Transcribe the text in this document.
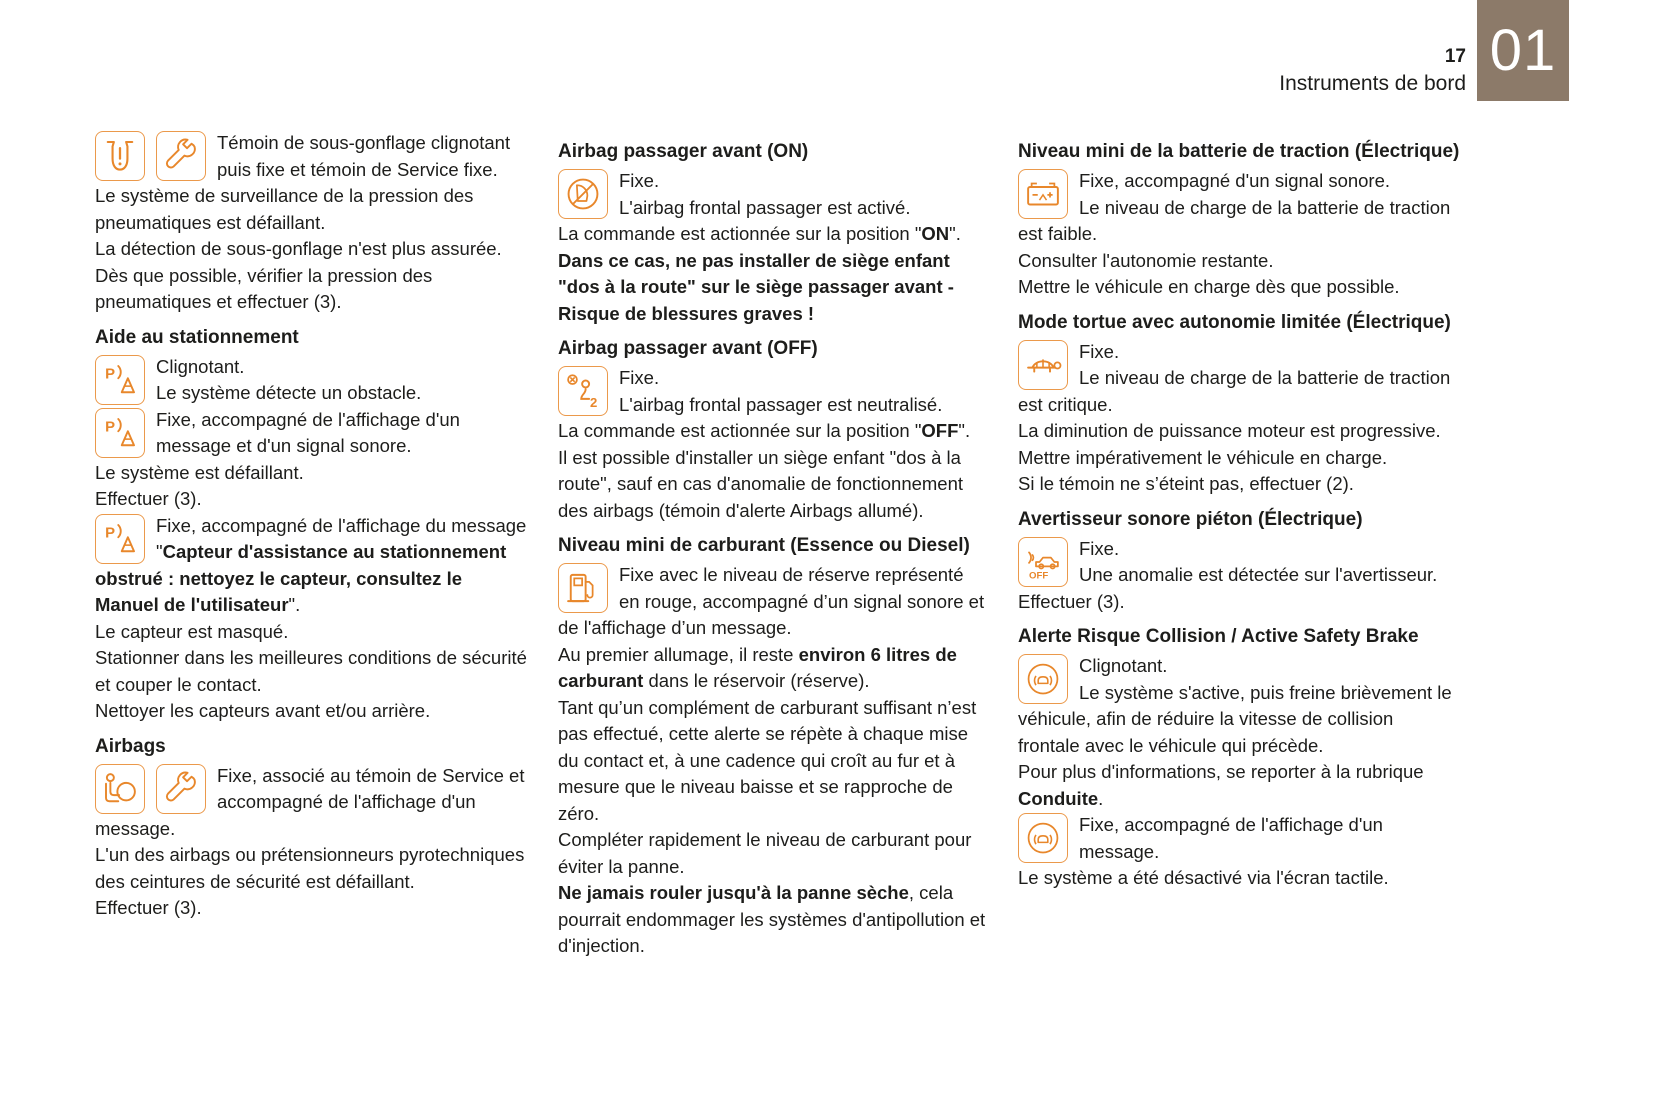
17
Instruments de bord
01

Témoin de sous-gonflage clignotant puis fixe et témoin de Service fixe.

Le système de surveillance de la pression des pneumatiques est défaillant.

La détection de sous-gonflage n'est plus assurée.

Dès que possible, vérifier la pression des pneumatiques et effectuer (3).

Aide au stationnement

Clignotant.

Le système détecte un obstacle.

Fixe, accompagné de l'affichage d'un message et d'un signal sonore.

Le système est défaillant.

Effectuer (3).

Fixe, accompagné de l'affichage du message "Capteur d'assistance au stationnement obstrué : nettoyez le capteur, consultez le Manuel de l'utilisateur".

Le capteur est masqué.

Stationner dans les meilleures conditions de sécurité et couper le contact.

Nettoyer les capteurs avant et/ou arrière.

Airbags

Fixe, associé au témoin de Service et accompagné de l'affichage d'un message.

L'un des airbags ou prétensionneurs pyrotechniques des ceintures de sécurité est défaillant.

Effectuer (3).

Airbag passager avant (ON)

Fixe.

L'airbag frontal passager est activé.

La commande est actionnée sur la position "ON".

Dans ce cas, ne pas installer de siège enfant "dos à la route" sur le siège passager avant - Risque de blessures graves !

Airbag passager avant (OFF)

Fixe.

L'airbag frontal passager est neutralisé.

La commande est actionnée sur la position "OFF".

Il est possible d'installer un siège enfant "dos à la route", sauf en cas d'anomalie de fonctionnement des airbags (témoin d'alerte Airbags allumé).

Niveau mini de carburant (Essence ou Diesel)

Fixe avec le niveau de réserve représenté en rouge, accompagné d’un signal sonore et de l'affichage d’un message.

Au premier allumage, il reste environ 6 litres de carburant dans le réservoir (réserve).

Tant qu’un complément de carburant suffisant n’est pas effectué, cette alerte se répète à chaque mise du contact et, à une cadence qui croît au fur et à mesure que le niveau baisse et se rapproche de zéro.

Compléter rapidement le niveau de carburant pour éviter la panne.

Ne jamais rouler jusqu'à la panne sèche, cela pourrait endommager les systèmes d'antipollution et d'injection.

Niveau mini de la batterie de traction (Électrique)

Fixe, accompagné d'un signal sonore.

Le niveau de charge de la batterie de traction est faible.

Consulter l'autonomie restante.

Mettre le véhicule en charge dès que possible.

Mode tortue avec autonomie limitée (Électrique)

Fixe.

Le niveau de charge de la batterie de traction est critique.

La diminution de puissance moteur est progressive.

Mettre impérativement le véhicule en charge.

Si le témoin ne s’éteint pas, effectuer (2).

Avertisseur sonore piéton (Électrique)

Fixe.

Une anomalie est détectée sur l'avertisseur.

Effectuer (3).

Alerte Risque Collision / Active Safety Brake

Clignotant.

Le système s'active, puis freine brièvement le véhicule, afin de réduire la vitesse de collision frontale avec le véhicule qui précède.

Pour plus d'informations, se reporter à la rubrique Conduite.

Fixe, accompagné de l'affichage d'un message.

Le système a été désactivé via l'écran tactile.
